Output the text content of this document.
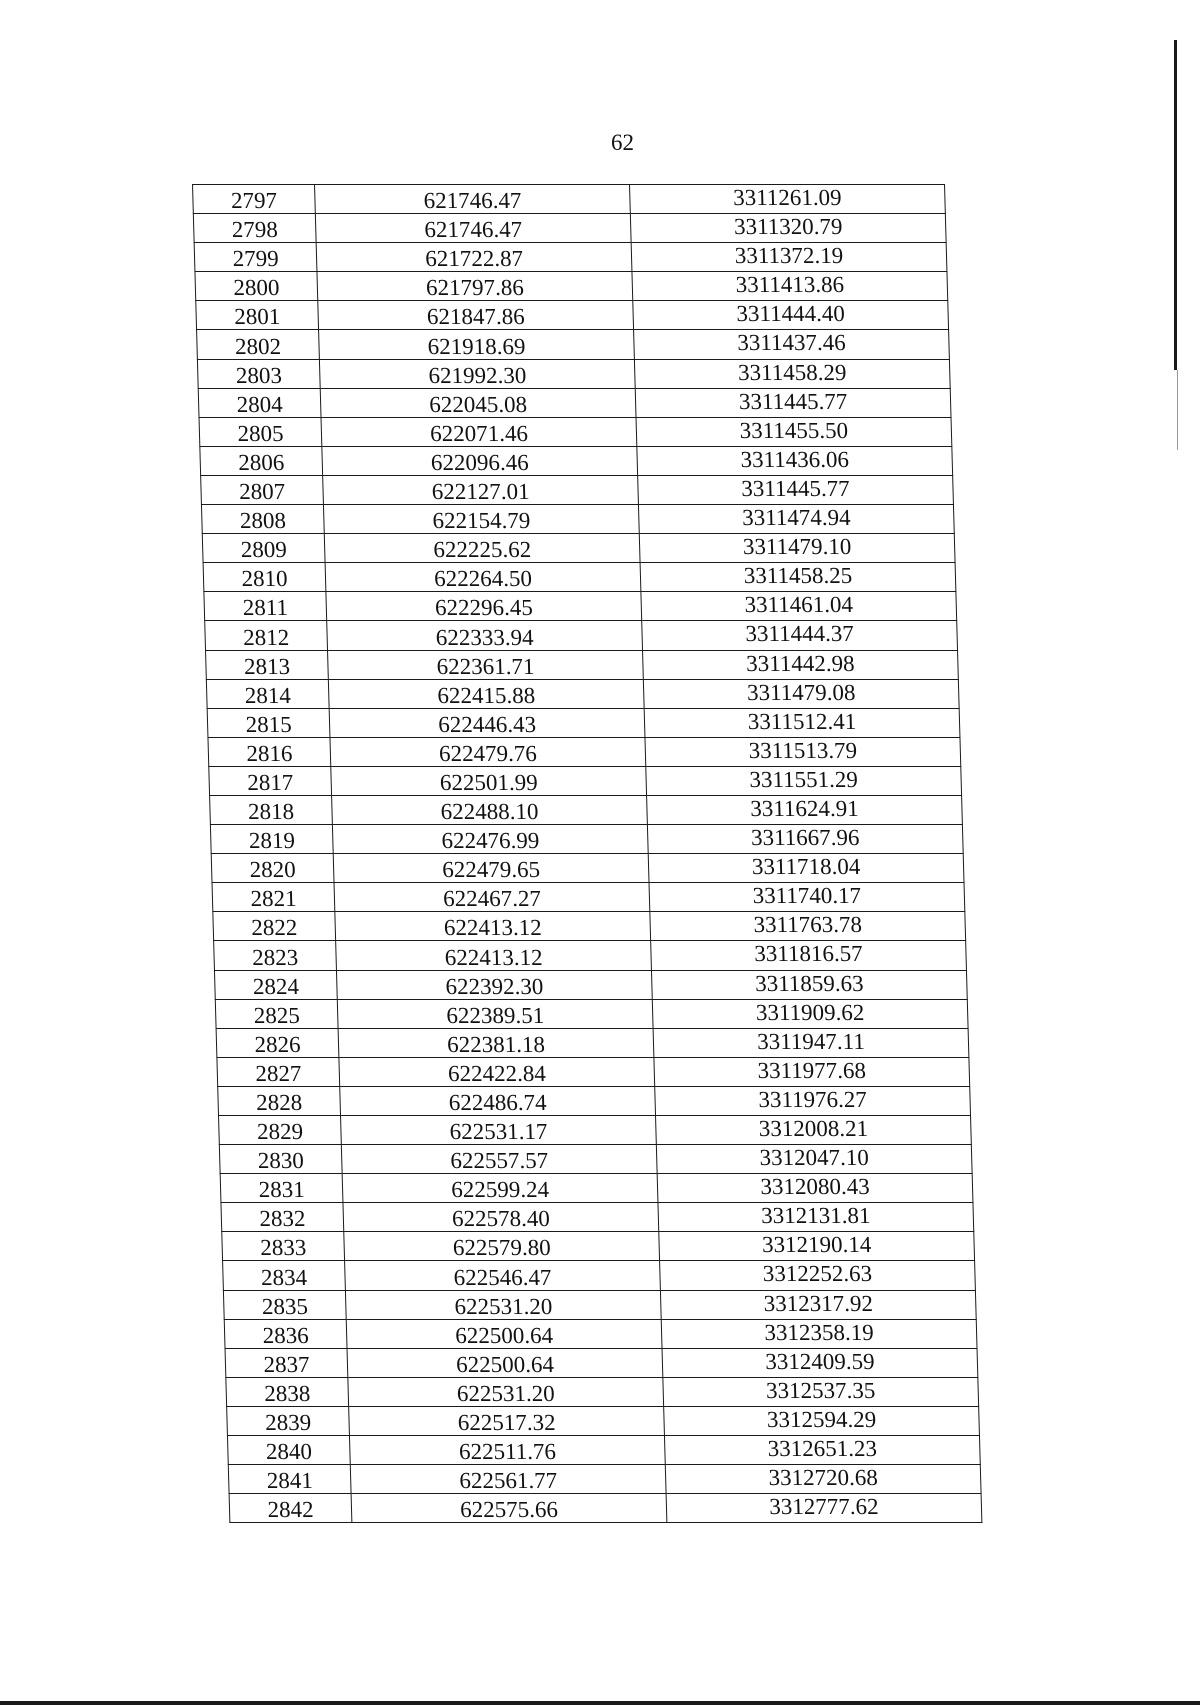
62
2797	621746.47	3311261.09
2798	621746.47	3311320.79
2799	621722.87	3311372.19
2800	621797.86	3311413.86
2801	621847.86	3311444.40
2802	621918.69	3311437.46
2803	621992.30	3311458.29
2804	622045.08	3311445.77
2805	622071.46	3311455.50
2806	622096.46	3311436.06
2807	622127.01	3311445.77
2808	622154.79	3311474.94
2809	622225.62	3311479.10
2810	622264.50	3311458.25
2811	622296.45	3311461.04
2812	622333.94	3311444.37
2813	622361.71	3311442.98
2814	622415.88	3311479.08
2815	622446.43	3311512.41
2816	622479.76	3311513.79
2817	622501.99	3311551.29
2818	622488.10	3311624.91
2819	622476.99	3311667.96
2820	622479.65	3311718.04
2821	622467.27	3311740.17
2822	622413.12	3311763.78
2823	622413.12	3311816.57
2824	622392.30	3311859.63
2825	622389.51	3311909.62
2826	622381.18	3311947.11
2827	622422.84	3311977.68
2828	622486.74	3311976.27
2829	622531.17	3312008.21
2830	622557.57	3312047.10
2831	622599.24	3312080.43
2832	622578.40	3312131.81
2833	622579.80	3312190.14
2834	622546.47	3312252.63
2835	622531.20	3312317.92
2836	622500.64	3312358.19
2837	622500.64	3312409.59
2838	622531.20	3312537.35
2839	622517.32	3312594.29
2840	622511.76	3312651.23
2841	622561.77	3312720.68
2842	622575.66	3312777.62
